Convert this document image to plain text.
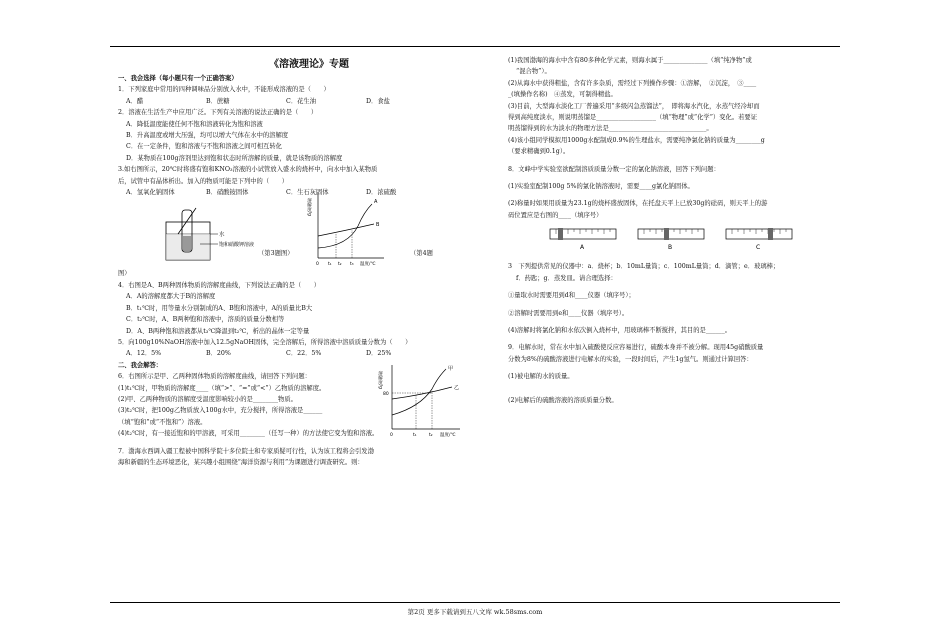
《溶液理论》专题
一、我会选择（每小题只有一个正确答案）
1．下列家庭中常用的四种调味品分别放入水中，不能形成溶液的是（　　）
A．醋	B．蔗糖	C．花生油	D．食盐
2．溶液在生活生产中应用广泛。下列有关溶液的说法正确的是（　　）
A．降低温度能使任何不饱和溶液转化为饱和溶液
B．升高温度或增大压强，均可以增大气体在水中的溶解度
C．在一定条件，饱和溶液与不饱和溶液之间可相互转化
D．某物质在100g溶剂里达到饱和状态时所溶解的质量，就是该物质的溶解度
3.如右图所示，20℃时将盛有饱和KNO₃溶液的小试管放入盛水的烧杯中，向水中加入某物质
后，试管中有晶体析出。加入的物质可能是下列中的（　　）
A．氢氧化钠固体	B．硝酸铵固体	C．生石灰固体	D．浓硫酸
水
饱和硝酸钾溶液
溶解度/g	A
B
0 t₁ t₂ t₃ 温度/℃
（第3题图）	（第4题
图）
4．右图是A、B两种固体物质的溶解度曲线，下列说法正确的是（　　）
A．A的溶解度都大于B的溶解度
B．t₁℃时，用等量水分别制成的A、B饱和溶液中，A的质量比B大
C．t₂℃时，A、B两种饱和溶液中，溶质的质量分数相等
D．A、B两种饱和溶液都从t₃℃降温到t₂℃，析出的晶体一定等量
5．向100g10%NaOH溶液中加入12.5gNaOH固体，完全溶解后，所得溶液中溶质质量分数为（　　）
A．12．5%	B．20%	C．22．5%	D．25%
二、我会解答：
6．右图所示是甲、乙两种固体物质的溶解度曲线，请回答下列问题：
(1)t₁℃时，甲物质的溶解度____（填“>”、“=”或“<”）乙物质的溶解度。
(2)甲、乙两种物质的溶解度受温度影响较小的是________物质。
(3)t₂℃时，把100g乙物质放入100g水中，充分搅拌，所得溶液是______
（填“饱和”或“不饱和”）溶液。
(4)t₂℃时，有一接近饱和的甲溶液，可采用________（任写一种）的方法使它变为饱和溶液。
溶解度/g
甲
乙
80
0	t₁	t₂ 温度/℃
7．渤海水西调入疆工程被中国科学院十多位院士和专家质疑可行性，认为该工程将会引发渤
海和新疆的生态环境恶化，某兴趣小组围绕“海洋资源与利用”为课题进行调查研究。则：
(1)我国渤海的海水中含有80多种化学元素，则海水属于______________（填“纯净物”或
“混合物”）。
(2)从海水中获得粗盐，含有许多杂质，需经过下列操作步骤：①溶解，　②沉淀，　③____
_(填操作名称)　④蒸发，可制得精盐。
(3)目前，大型海水淡化工厂普遍采用“多级闪急蒸馏法”，　即将海水汽化，水蒸气经冷却而
得到高纯度淡水，则说明蒸馏是___________________（填“物理”或“化学”）变化。若要证
明蒸馏得到的水为淡水的物理方法是_______________________________。
(4)该小组同学模拟用1000g水配制成0.9%的生理盐水，需要纯净氯化钠的质量为________g
（要求精确到0.1g）。
8．文峰中学实验室欲配制溶质质量分数一定的氯化钠溶液，回答下列问题：
(1)实验室配制100g 5%的氯化钠溶液时，需要____g氯化钠固体。
(2)称量时如果用质量为23.1g的烧杯盛放固体，在托盘天平上已放30g的砝码，则天平上的游
码位置应是右图的____（填序号）
A	B	C
3　下列提供常见的仪器中：a．烧杯；b．10mL量筒；c．100mL量筒；d．滴管；e．玻璃棒；
f．药匙；g．蒸发皿。请合理选择：
①量取水时需要用到d和____仪器（填序号）；
②溶解时需要用到e和____仪器（填序号）。
(4)溶解时将氯化钠和水依次倒入烧杯中，用玻璃棒不断搅拌，其目的是______。
9．电解水时，常在水中加入硫酸使反应容易进行，硫酸本身并不被分解。现用45g硝酸质量
分数为8%的硫酸溶液进行电解水的实验，一段时间后，产生1g氢气。则通过计算回答：
(1)被电解的水的质量。
(2)电解后的硫酸溶液的溶质质量分数。
第2页 更多下载请到五八文库 wk.58sms.com
